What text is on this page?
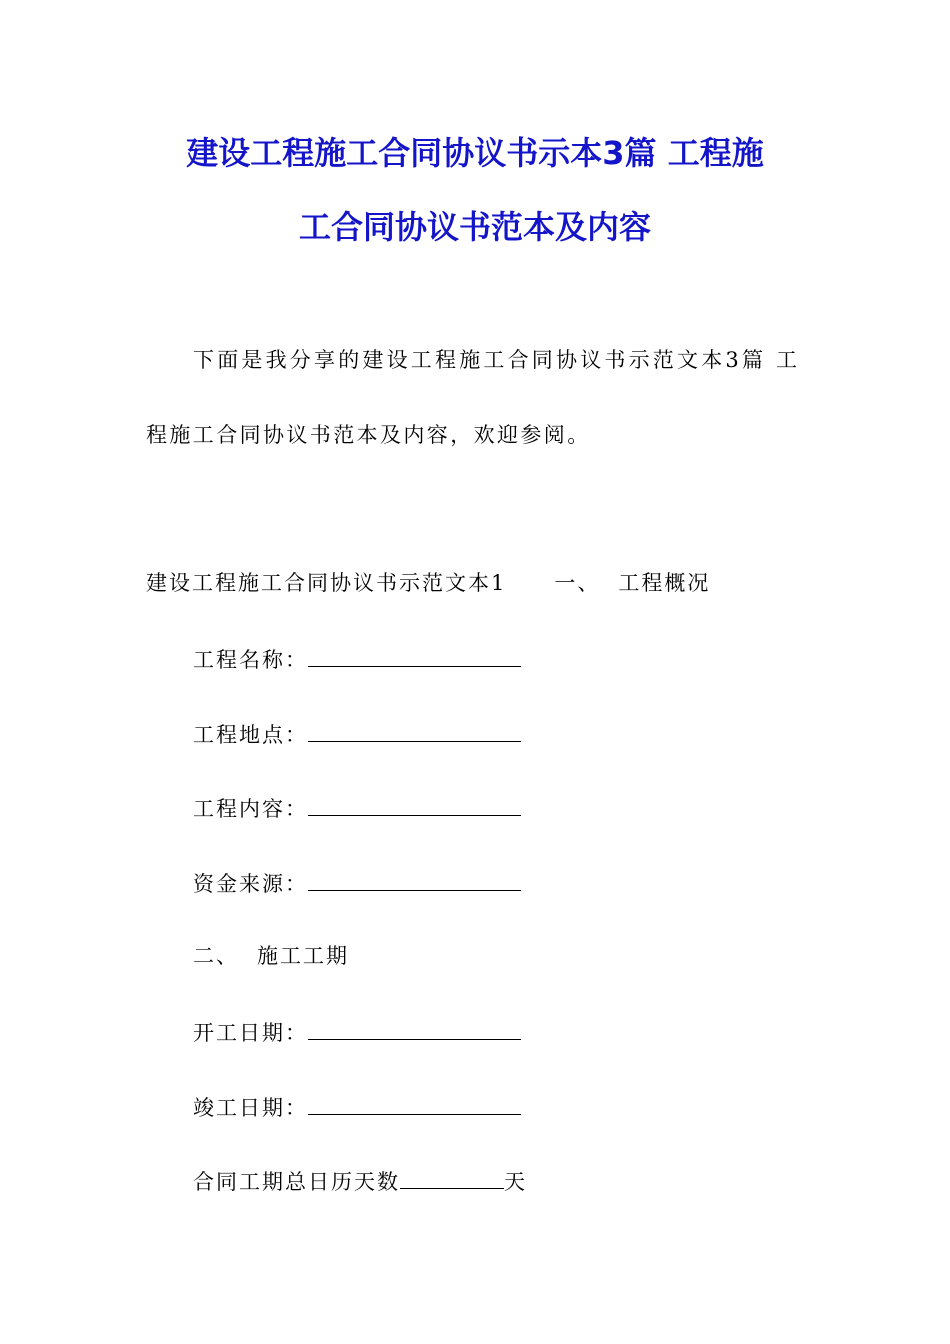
建设工程施工合同协议书示本3篇 工程施
工合同协议书范本及内容
下面是我分享的建设工程施工合同协议书示范文本3篇 工
程施工合同协议书范本及内容，欢迎参阅。
建设工程施工合同协议书示范文本1 一、 工程概况
工程名称：
工程地点：
工程内容：
资金来源：
二、 施工工期
开工日期：
竣工日期：
合同工期总日历天数	天
